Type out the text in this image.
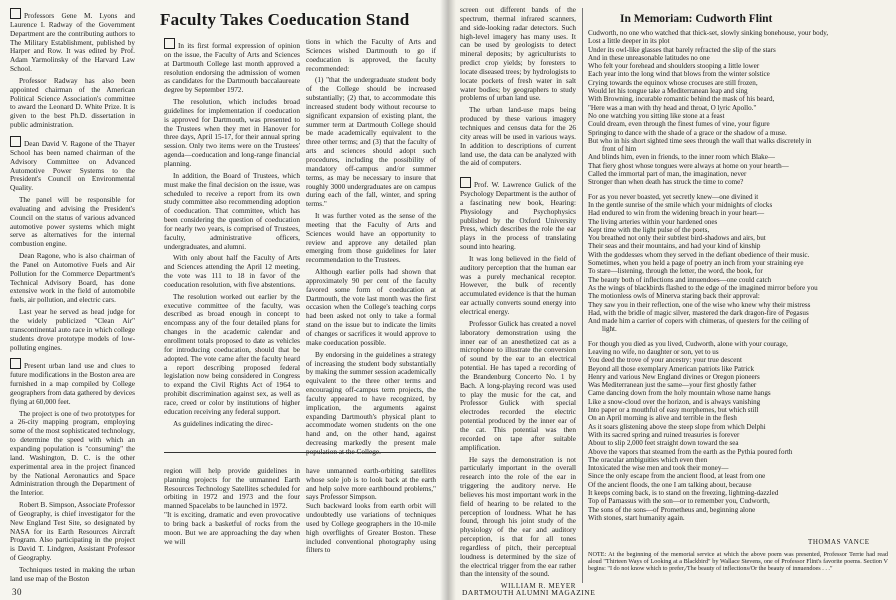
Professors Gene M. Lyons and Laurence I. Radway of the Government Department are the contributing authors to The Military Establishment, published by Harper and Row. It was edited by Prof. Adam Yarmolinsky of the Harvard Law School.

Professor Radway has also been appointed chairman of the American Political Science Association's committee to award the Leonard D. White Prize. It is given to the best Ph.D. dissertation in public administration.

Dean David V. Ragone of the Thayer School has been named chairman of the Advisory Committee on Advanced Automotive Power Systems to the President's Council on Environmental Quality.

The panel will be responsible for evaluating and advising the President's Council on the status of various advanced automotive power systems which might serve as alternatives for the internal combustion engine.

Dean Ragone, who is also chairman of the Panel on Automotive Fuels and Air Pollution for the Commerce Department's Technical Advisory Board, has done extensive work in the field of automobile fuels, air pollution, and electric cars.

Last year he served as head judge for the widely publicized "Clean Air" transcontinental auto race in which college students drove prototype models of low-polluting engines.

Present urban land use and clues to future modifications in the Boston area are furnished in a map compiled by College geographers from data gathered by devices flying at 60,000 feet.

The project is one of two prototypes for a 26-city mapping program, employing some of the most sophisticated technology, to determine the speed with which an expanding population is "consuming" the land. Washington, D. C. is the other experimental area in the project financed by the National Aeronautics and Space Administration through the Department of the Interior.

Robert B. Simpson, Associate Professor of Geography, is chief investigator for the New England Test Site, so designated by NASA for its Earth Resources Aircraft Program. Also participating in the project is David T. Lindgren, Assistant Professor of Geography.

Techniques tested in making the urban land use map of the Boston

Faculty Takes Coeducation Stand

In its first formal expression of opinion on the issue, the Faculty of Arts and Sciences at Dartmouth College last month approved a resolution endorsing the admission of women as candidates for the Dartmouth baccalaureate degree by September 1972.

The resolution, which includes broad guidelines for implementation if coeducation is approved for Dartmouth, was presented to the Trustees when they met in Hanover for three days, April 15-17, for their annual spring session. Only two items were on the Trustees' agenda—coeducation and long-range financial planning.

In addition, the Board of Trustees, which must make the final decision on the issue, was scheduled to receive a report from its own study committee also recommending adoption of coeducation. That committee, which has been considering the question of coeducation for nearly two years, is comprised of Trustees, faculty, administrative officers, undergraduates, and alumni.

With only about half the Faculty of Arts and Sciences attending the April 12 meeting, the vote was 111 to 18 in favor of the coeducation resolution, with five abstentions.

The resolution worked out earlier by the executive committee of the faculty, was described as broad enough in concept to encompass any of the four detailed plans for changes in the academic calendar and enrollment totals proposed to date as vehicles for introducing coeducation, should that be adopted. The vote came after the faculty heard a report describing proposed federal legislation now being considered in Congress to expand the Civil Rights Act of 1964 to prohibit discrimination against sex, as well as race, creed or color by institutions of higher education receiving any federal support.

As guidelines indicating the direc-

tions in which the Faculty of Arts and Sciences wished Dartmouth to go if coeducation is approved, the faculty recommended:

(1) "that the undergraduate student body of the College should be increased substantially; (2) that, to accommodate this increased student body without recourse to significant expansion of existing plant, the summer term at Dartmouth College should be made academically equivalent to the three other terms; and (3) that the faculty of arts and sciences should adopt such procedures, including the possibility of mandatory off-campus and/or summer terms, as may be necessary to insure that roughly 3000 undergraduates are on campus during each of the fall, winter, and spring terms."

It was further voted as the sense of the meeting that the Faculty of Arts and Sciences would have an opportunity to review and approve any detailed plan emerging from those guidelines for later recommendation to the Trustees.

Although earlier polls had shown that approximately 90 per cent of the faculty favored some form of coeducation at Dartmouth, the vote last month was the first occasion when the College's teaching corps had been asked not only to take a formal stand on the issue but to indicate the limits of changes or sacrifices it would approve to make coeducation possible.

By endorsing in the guidelines a strategy of increasing the student body substantially by making the summer session academically equivalent to the three other terms and encouraging off-campus term projects, the faculty appeared to have recognized, by implication, the arguments against expanding Dartmouth's physical plant to accommodate women students on the one hand and, on the other hand, against decreasing markedly the present male

region will help provide guidelines in planning projects for the unmanned Earth Resources Technology Satellites scheduled for orbiting in 1972 and 1973 and the four manned Spacelabs to be launched in 1972.
"It is exciting, dramatic and even provocative to bring back a basketful of rocks from the moon. But we are approaching the day when we will

have unmanned earth-orbiting satellites whose sole job is to look back at the earth and help solve more earthbound problems," says Professor Simpson.
Such backward looks from earth orbit will undoubtedly use variations of techniques used by College geographers in the 10-mile high overflights of Greater Boston. These included conventional photography using filters to

30

screen out different bands of the spectrum, thermal infrared scanners, and side-looking radar detectors. Such high-level imagery has many uses. It can be used by geologists to detect mineral deposits; by agriculturists to predict crop yields; by foresters to locate diseased trees; by hydrologists to locate pockets of fresh water in salt water bodies; by geographers to study problems of urban land use.

The urban land-use maps being produced by these various imagery techniques and census data for the 26 city areas will be used in various ways. In addition to descriptions of current land use, the data can be analyzed with the aid of computers.

Prof. W. Lawrence Gulick of the Psychology Department is the author of a fascinating new book, Hearing: Physiology and Psychophysics published by the Oxford University Press, which describes the role the ear plays in the process of translating sound into hearing.

It was long believed in the field of auditory perception that the human ear was a purely mechanical receptor. However, the bulk of recently accumulated evidence is that the human ear actually converts sound energy into electrical energy.

Professor Gulick has created a novel laboratory demonstration using the inner ear of an anesthetized cat as a microphone to illustrate the conversion of sound by the ear to an electrical potential. He has taped a recording of the Brandenburg Concerto No. 1 by Bach. A long-playing record was used to play the music for the cat, and Professor Gulick with special electrodes recorded the electric potential produced by the inner ear of the cat. This potential was then recorded on tape after suitable amplification.

He says the demonstration is not particularly important in the overall research into the role of the ear in triggering the auditory nerve. He believes his most important work in the field of hearing to be related to the perception of loudness. What he has found, through his joint study of the physiology of the ear and auditory perception, is that for all tones regardless of pitch, their perceptual loudness is determined by the size of the electrical trigger from the ear rather than the intensity of the sound.

WILLIAM R. MEYER
In Memoriam: Cudworth Flint
Cudworth, no one who watched that thick-set, slowly sinking bonehouse, your body,
Lost a little deeper in its plot
Under its owl-like glasses that barely refracted the slip of the stars
And in these unreasonable latitudes no one
Who felt your forehead and shoulders stooping a little lower
Each year into the long wind that blows from the winter solstice
Crying towards the equinox whose crocuses are still frozen,
Would let his tongue take a Mediterranean leap and sing
With Browning, incurable romantic behind the mask of his beard,
"Here was a man with thy head and throat, O lyric Apollo."
No one watching you sitting like stone at a feast
Could dream, even through the finest fumes of vine, your figure
Springing to dance with the shade of a grace or the shadow of a muse.
But who in his short sighted time sees through the wall that walks discretely in
front of him
And blinds him, even in friends, to the inner room which Blake—
That fiery ghost whose tongues were always at home on your hearth—
Called the immortal part of man, the imagination, never
Stronger than when death has struck the time to come?
For as you never boasted, yet secretly knew—one divined it
In the gentle sunrise of the smile which your midnights of clocks
Had endured to win from the widening breach in your heart—
The living arteries within your hardened ones
Kept time with the light pulse of the poets,
You breathed not only their subtlest bird-shadows and airs, but
Their seas and their mountains, and had your kind of kinship
With the goddesses whom they served in the defiant obedience of their music.
Sometimes, when you held a page of poetry an inch from your straining eye
To stare—listening, through the letter, the word, the book, for
The beauty both of inflections and innuendoes—one could catch
As the wings of blackbirds flashed to the edge of the imagined mirror before you
The motionless owls of Minerva staring back their approval:
They saw you in their reflection, one of the wise who knew why their mistress
Had, with the bridle of magic silver, mastered the dark dragon-fire of Pegasus
And made him a carrier of copers with chimeras, of questers for the ceiling of
light.
For though you died as you lived, Cudworth, alone with your courage,
Leaving no wife, no daughter or son, yet to us
You deed the trove of your ancestry: your true descent
Beyond all those exemplary American patriots like Patrick
Henry and various New England divines or Oregon pioneers
Was Mediterranean just the same—your first ghostly father
Came dancing down from the holy mountain whose name hangs
Like a snow-cloud over the horizon, and is always vanishing
Into paper or a mouthful of easy morphemes, but which still
On an April morning is alive and terrible in the flesh
As it soars glistening above the steep slope from which Delphi
With its sacred spring and ruined treasuries is forever
About to slip 2,000 feet straight down toward the sea
Above the vapors that steamed from the earth as the Pythia poured forth
The oracular ambiguities which even then
Intoxicated the wise men and took their money—
Since the only escape from the ancient flood, at least from one
Of the ancient floods, the one I am talking about, because
It keeps coming back, is to stand on the freezing, lightning-dazzled
Top of Parnassus with the son—or to remember you, Cudworth,
The sons of the sons—of Prometheus and, beginning alone
With stones, start humanity again.
THOMAS VANCE
NOTE: At the beginning of the memorial service at which the above poem was presented, Professor Terrie had read aloud "Thirteen Ways of Looking at a Blackbird" by Wallace Stevens, one of Professor Flint's favorite poems. Section V begins: "I do not know which to prefer,/The beauty of inflections/Or the beauty of innuendoes . . ."
DARTMOUTH ALUMNI MAGAZINE
